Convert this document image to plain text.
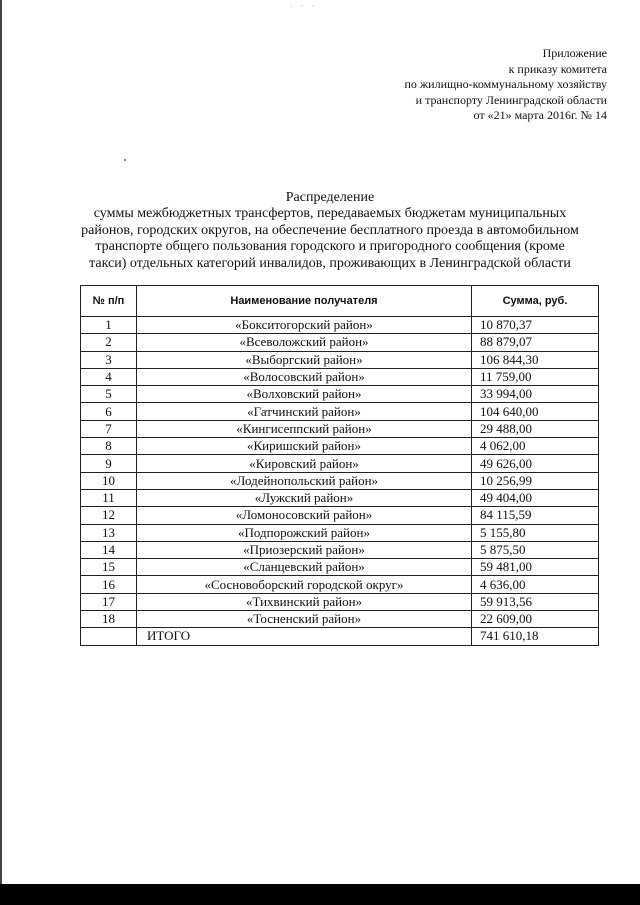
· · ·
Приложение
к приказу комитета
по жилищно-коммунальному хозяйству
и транспорту Ленинградской области
от «21» марта 2016г. № 14
Распределение
суммы межбюджетных трансфертов, передаваемых бюджетам муниципальных
районов, городских округов, на обеспечение бесплатного проезда в автомобильном
транспорте общего пользования городского и пригородного сообщения (кроме
такси) отдельных категорий инвалидов, проживающих в Ленинградской области
№ п/п	Наименование получателя	Сумма, руб.
1	«Бокситогорский район»	10 870,37
2	«Всеволожский район»	88 879,07
3	«Выборгский район»	106 844,30
4	«Волосовский район»	11 759,00
5	«Волховский район»	33 994,00
6	«Гатчинский район»	104 640,00
7	«Кингисеппский район»	29 488,00
8	«Киришский район»	4 062,00
9	«Кировский район»	49 626,00
10	«Лодейнопольский район»	10 256,99
11	«Лужский район»	49 404,00
12	«Ломоносовский район»	84 115,59
13	«Подпорожский район»	5 155,80
14	«Приозерский район»	5 875,50
15	«Сланцевский район»	59 481,00
16	«Сосновоборский городской округ»	4 636,00
17	«Тихвинский район»	59 913,56
18	«Тосненский район»	22 609,00
	ИТОГО	741 610,18
